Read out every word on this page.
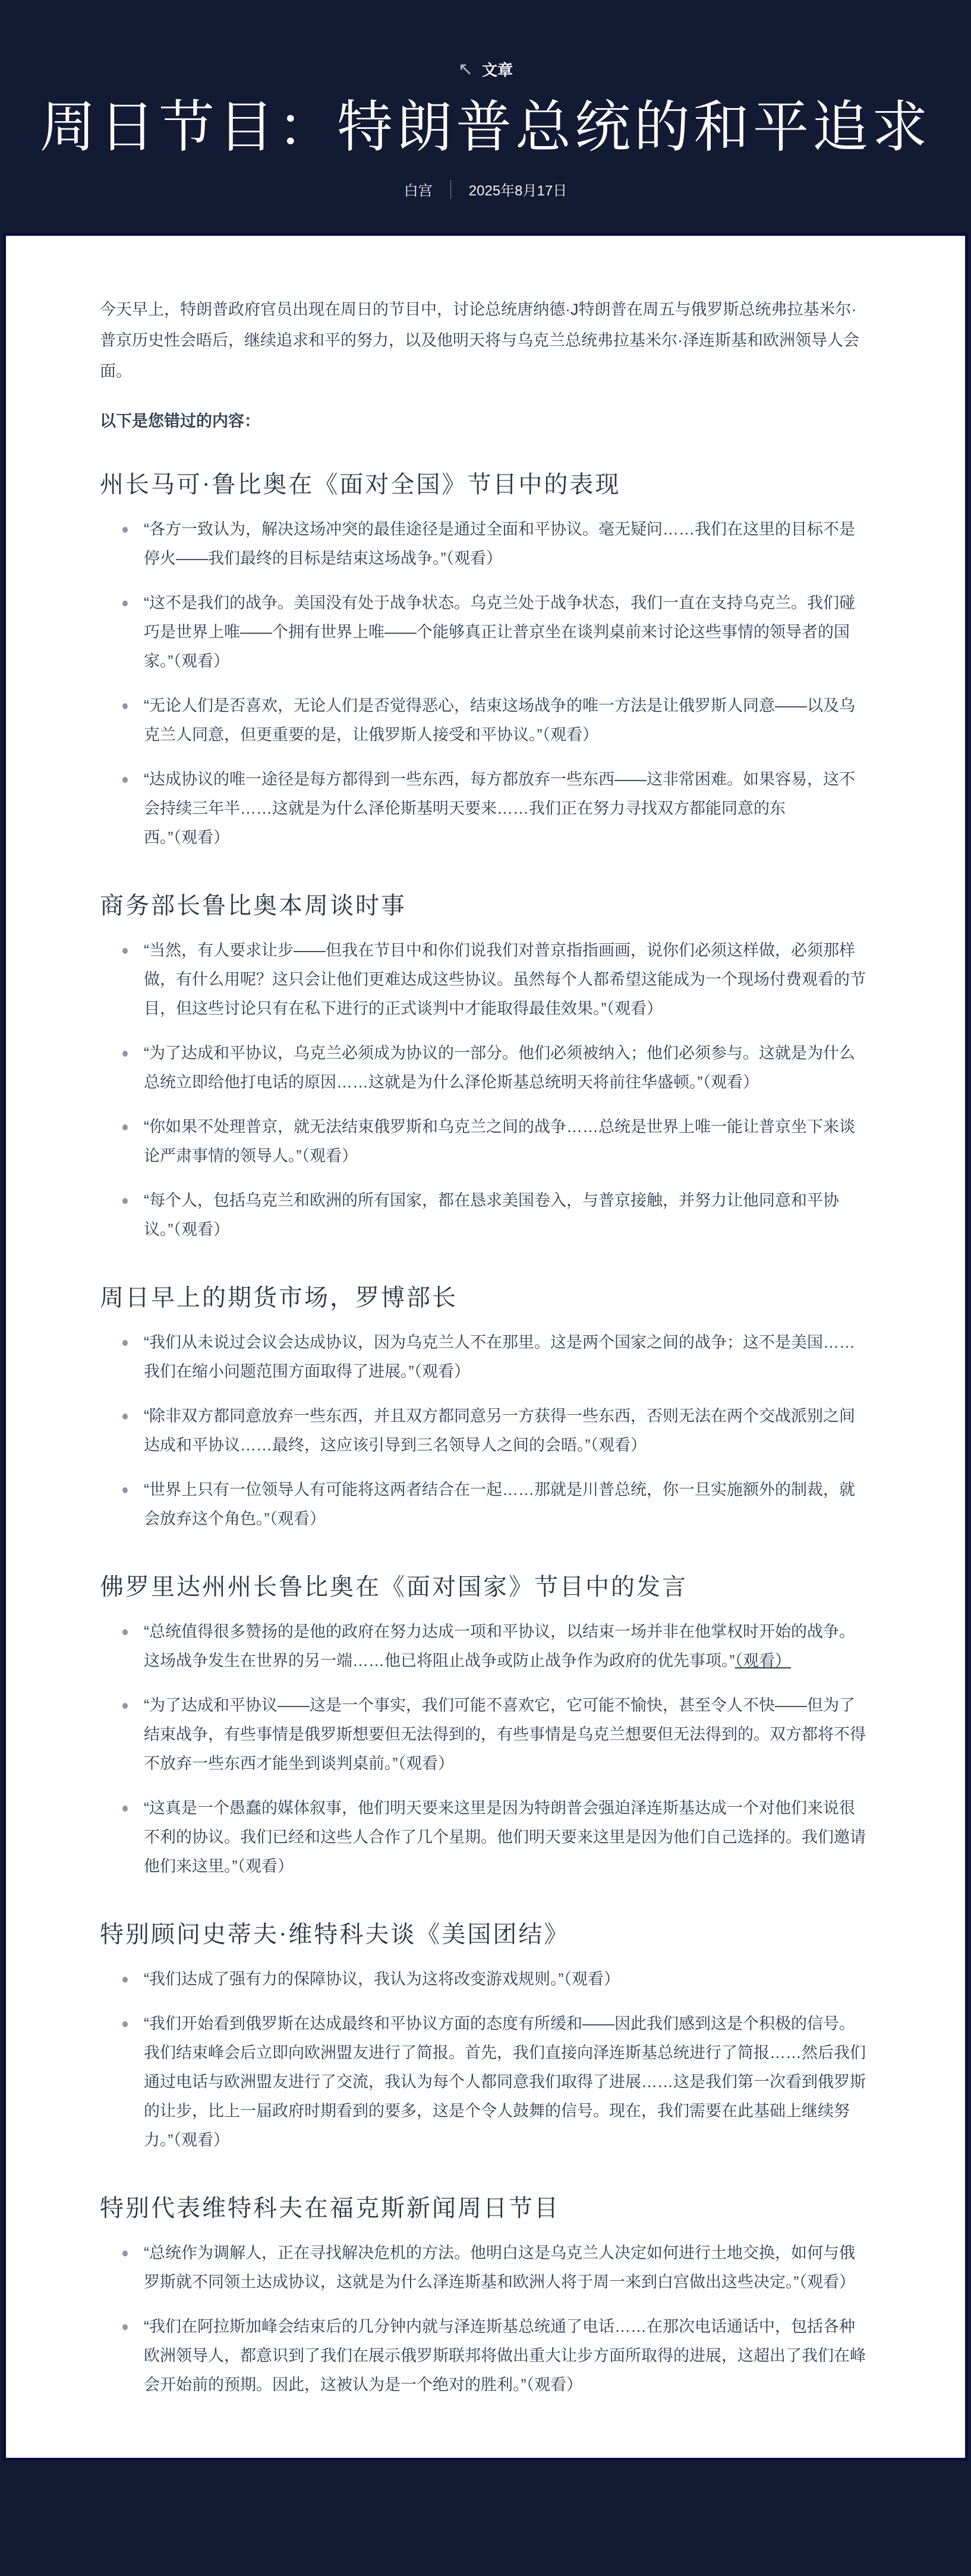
↖ 文章
周日节目：特朗普总统的和平追求
白宫	2025年8月17日

今天早上，特朗普政府官员出现在周日的节目中，讨论总统唐纳德·J特朗普在周五与俄罗斯总统弗拉基米尔·普京历史性会晤后，继续追求和平的努力，以及他明天将与乌克兰总统弗拉基米尔·泽连斯基和欧洲领导人会面。

以下是您错过的内容：

州长马可·鲁比奥在《面对全国》节目中的表现
“各方一致认为，解决这场冲突的最佳途径是通过全面和平协议。毫无疑问……我们在这里的目标不是停火——我们最终的目标是结束这场战争。”（观看）
“这不是我们的战争。美国没有处于战争状态。乌克兰处于战争状态，我们一直在支持乌克兰。我们碰巧是世界上唯——个拥有世界上唯——个能够真正让普京坐在谈判桌前来讨论这些事情的领导者的国家。”（观看）
“无论人们是否喜欢，无论人们是否觉得恶心，结束这场战争的唯一方法是让俄罗斯人同意——以及乌克兰人同意，但更重要的是，让俄罗斯人接受和平协议。”（观看）
“达成协议的唯一途径是每方都得到一些东西，每方都放弃一些东西——这非常困难。如果容易，这不会持续三年半……这就是为什么泽伦斯基明天要来……我们正在努力寻找双方都能同意的东西。”（观看）
商务部长鲁比奥本周谈时事
“当然，有人要求让步——但我在节目中和你们说我们对普京指指画画，说你们必须这样做，必须那样做，有什么用呢？这只会让他们更难达成这些协议。虽然每个人都希望这能成为一个现场付费观看的节目，但这些讨论只有在私下进行的正式谈判中才能取得最佳效果。”（观看）
“为了达成和平协议，乌克兰必须成为协议的一部分。他们必须被纳入；他们必须参与。这就是为什么总统立即给他打电话的原因……这就是为什么泽伦斯基总统明天将前往华盛顿。”（观看）
“你如果不处理普京，就无法结束俄罗斯和乌克兰之间的战争……总统是世界上唯一能让普京坐下来谈论严肃事情的领导人。”（观看）
“每个人，包括乌克兰和欧洲的所有国家，都在恳求美国卷入，与普京接触，并努力让他同意和平协议。”（观看）
周日早上的期货市场，罗博部长
“我们从未说过会议会达成协议，因为乌克兰人不在那里。这是两个国家之间的战争；这不是美国……我们在缩小问题范围方面取得了进展。”（观看）
“除非双方都同意放弃一些东西，并且双方都同意另一方获得一些东西，否则无法在两个交战派别之间达成和平协议……最终，这应该引导到三名领导人之间的会晤。”（观看）
“世界上只有一位领导人有可能将这两者结合在一起……那就是川普总统，你一旦实施额外的制裁，就会放弃这个角色。”（观看）
佛罗里达州州长鲁比奥在《面对国家》节目中的发言
“总统值得很多赞扬的是他的政府在努力达成一项和平协议，以结束一场并非在他掌权时开始的战争。这场战争发生在世界的另一端……他已将阻止战争或防止战争作为政府的优先事项。”（观看）
“为了达成和平协议——这是一个事实，我们可能不喜欢它，它可能不愉快，甚至令人不快——但为了结束战争，有些事情是俄罗斯想要但无法得到的，有些事情是乌克兰想要但无法得到的。双方都将不得不放弃一些东西才能坐到谈判桌前。”（观看）
“这真是一个愚蠢的媒体叙事，他们明天要来这里是因为特朗普会强迫泽连斯基达成一个对他们来说很不利的协议。我们已经和这些人合作了几个星期。他们明天要来这里是因为他们自己选择的。我们邀请他们来这里。”（观看）
特别顾问史蒂夫·维特科夫谈《美国团结》
“我们达成了强有力的保障协议，我认为这将改变游戏规则。”（观看）
“我们开始看到俄罗斯在达成最终和平协议方面的态度有所缓和——因此我们感到这是个积极的信号。我们结束峰会后立即向欧洲盟友进行了简报。首先，我们直接向泽连斯基总统进行了简报……然后我们通过电话与欧洲盟友进行了交流，我认为每个人都同意我们取得了进展……这是我们第一次看到俄罗斯的让步，比上一届政府时期看到的要多，这是个令人鼓舞的信号。现在，我们需要在此基础上继续努力。”（观看）
特别代表维特科夫在福克斯新闻周日节目
“总统作为调解人，正在寻找解决危机的方法。他明白这是乌克兰人决定如何进行土地交换，如何与俄罗斯就不同领土达成协议，这就是为什么泽连斯基和欧洲人将于周一来到白宫做出这些决定。”（观看）
“我们在阿拉斯加峰会结束后的几分钟内就与泽连斯基总统通了电话……在那次电话通话中，包括各种欧洲领导人，都意识到了我们在展示俄罗斯联邦将做出重大让步方面所取得的进展，这超出了我们在峰会开始前的预期。因此，这被认为是一个绝对的胜利。”（观看）
